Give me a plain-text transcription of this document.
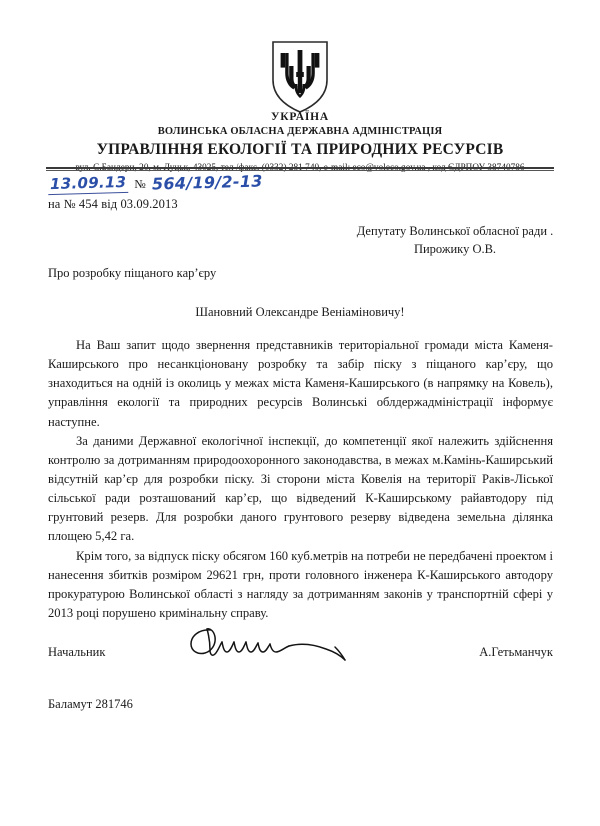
УКРАЇНА
ВОЛИНСЬКА ОБЛАСНА ДЕРЖАВНА АДМІНІСТРАЦІЯ
УПРАВЛІННЯ ЕКОЛОГІЇ ТА ПРИРОДНИХ РЕСУРСІВ
13.09.13 № 564/19/2-13
на № 454 від 03.09.2013
Депутату Волинської обласної ради .
Пирожику О.В.
Про розробку піщаного кар’єру
Шановний Олександре Веніаміновичу!

На Ваш запит щодо звернення представників територіальної громади міста Каменя-Каширського про несанкціоновану розробку та забір піску з піщаного кар’єру, що знаходиться на одній із околиць у межах міста Каменя-Каширського (в напрямку на Ковель), управління екології та природних ресурсів Волинські облдержадміністрації інформує наступне.

За даними Державної екологічної інспекції, до компетенції якої належить здійснення контролю за дотриманням природоохоронного законодавства, в межах м.Камінь-Каширський відсутній кар’єр для розробки піску. Зі сторони міста Ковелія на території Раків-Ліської сільської ради розташований кар’єр, що відведений К-Каширському райавтодору під грунтовий резерв. Для розробки даного грунтового резерву відведена земельна ділянка площею 5,42 га.

Крім того, за відпуск піску обсягом 160 куб.метрів на потреби не передбачені проектом і нанесення збитків розміром 29621 грн, проти головного інженера К-Каширського автодору прокуратурою Волинської області з нагляду за дотриманням законів у транспортній сфері у 2013 році порушено кримінальну справу.

Начальник	А.Гетьманчук
Баламут 281746
